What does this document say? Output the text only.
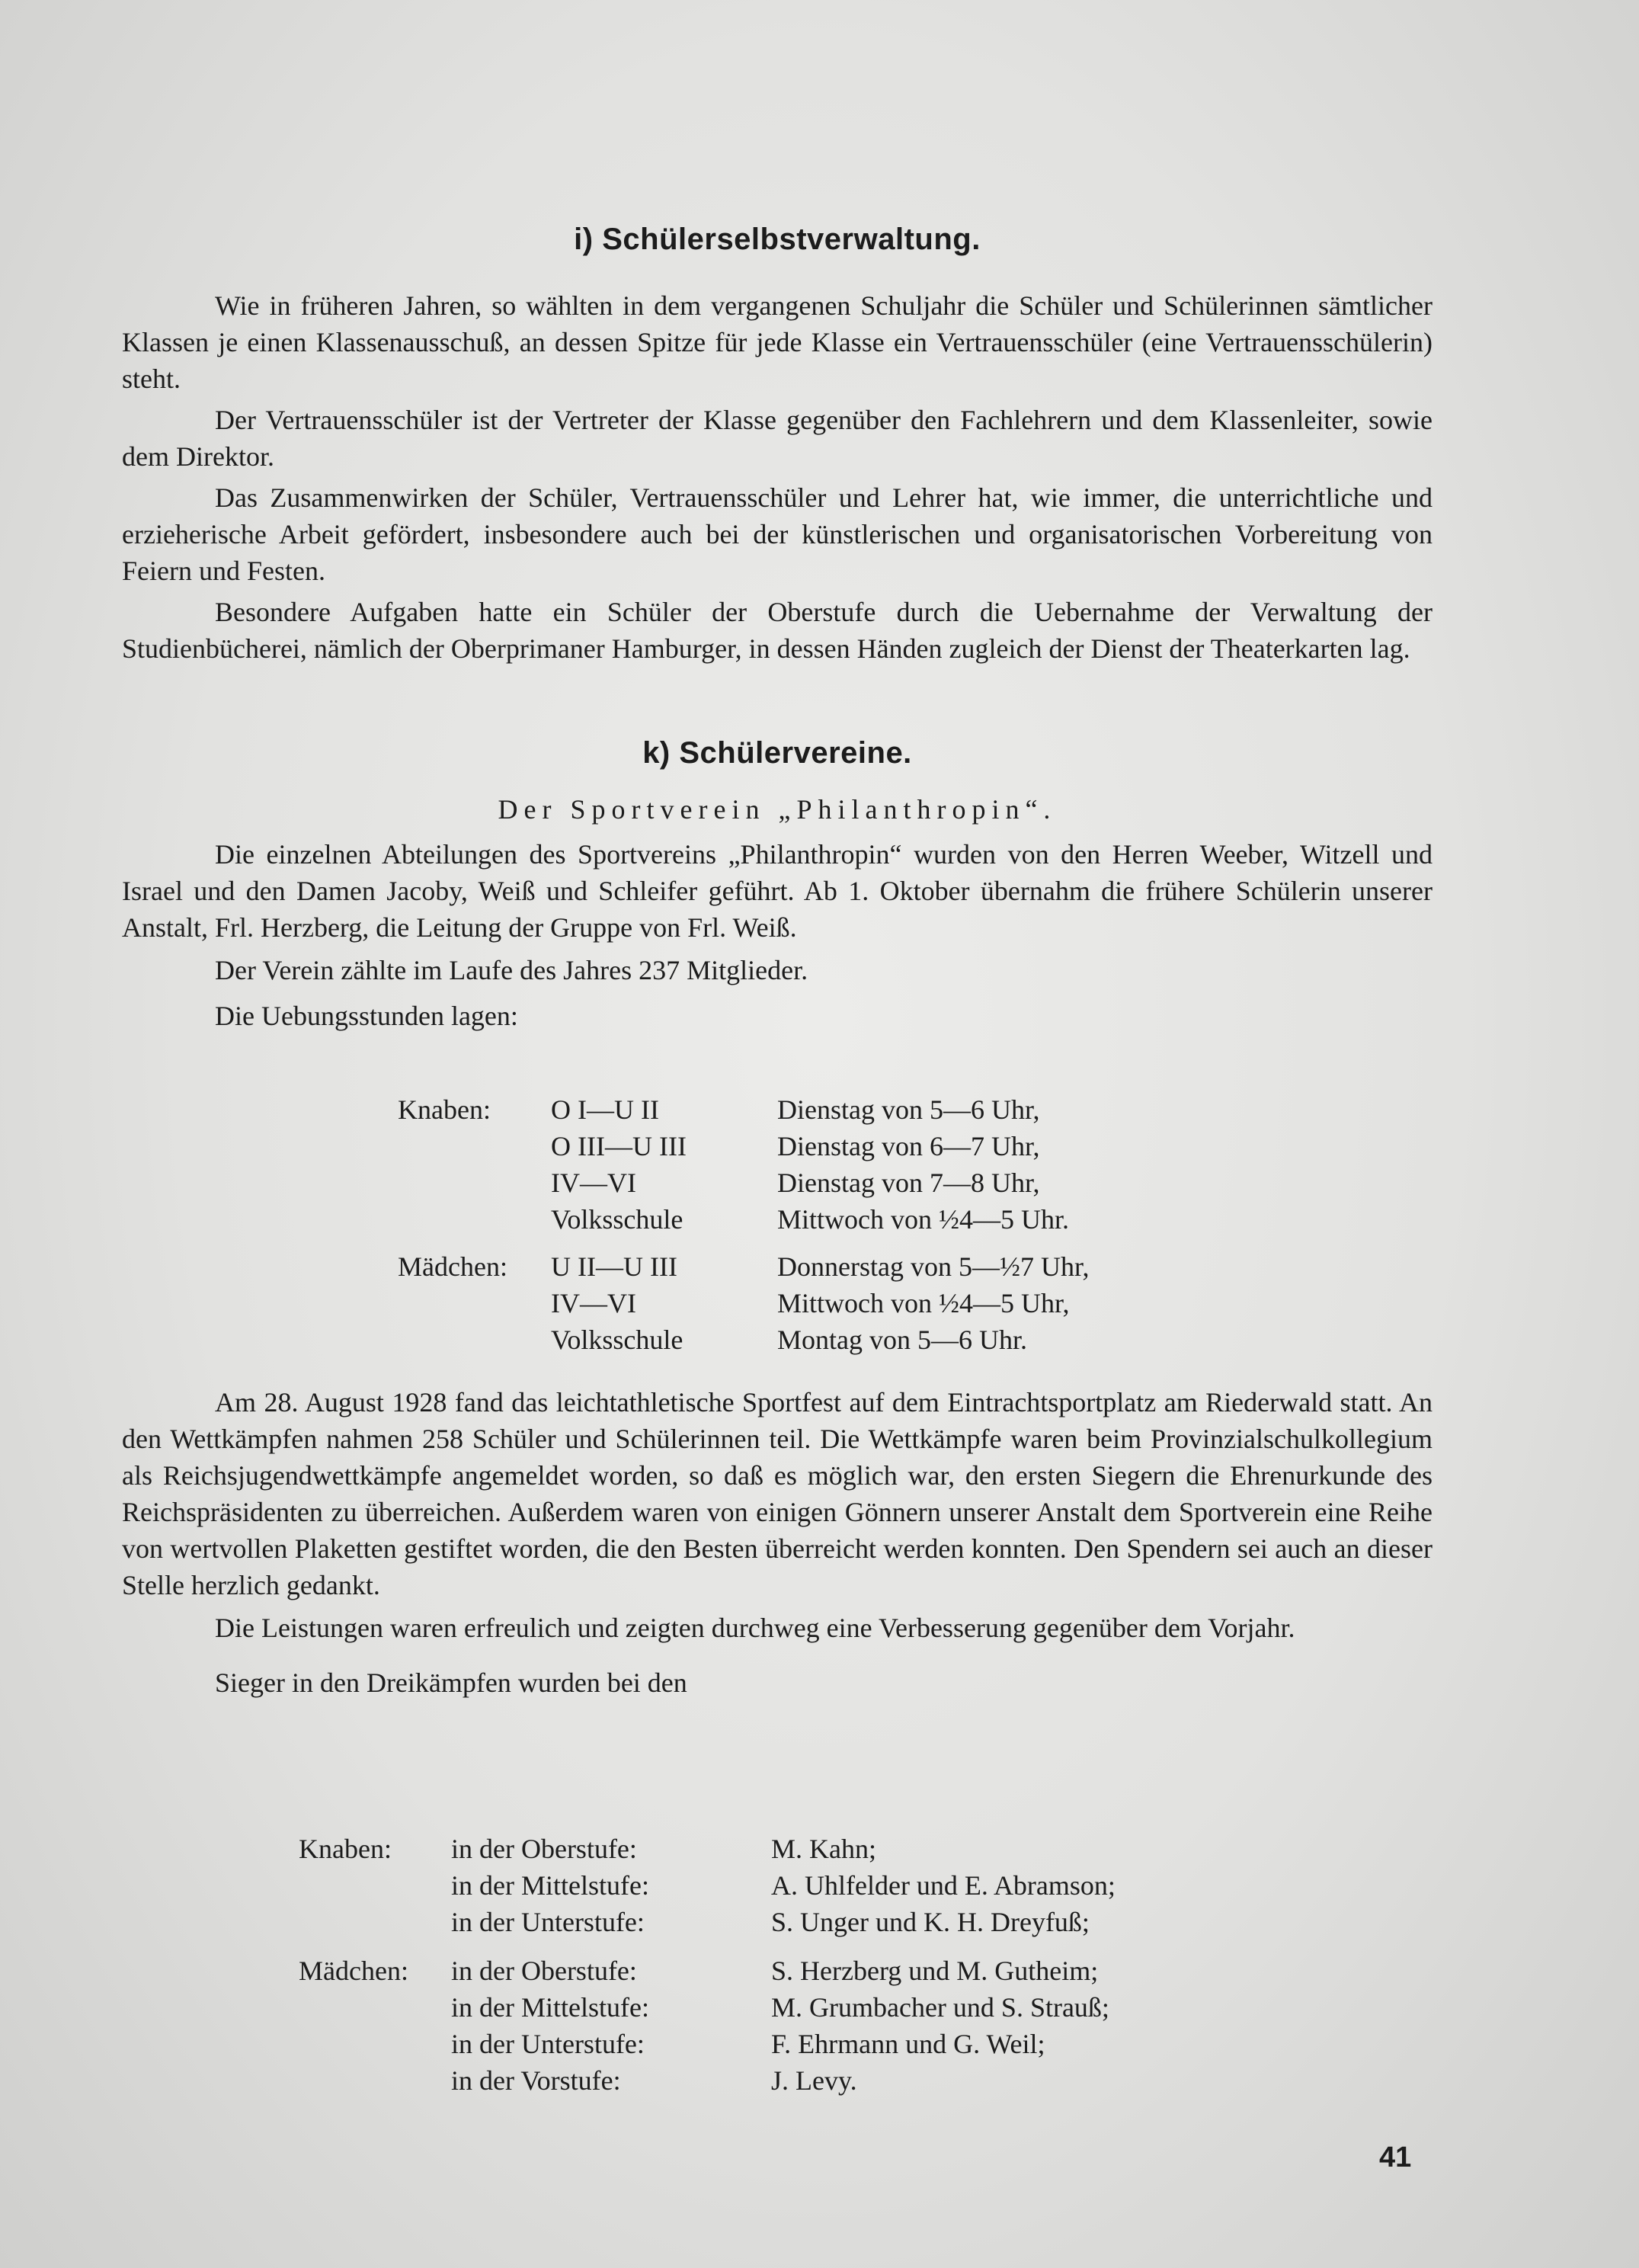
i) Schülerselbstverwaltung.

Wie in früheren Jahren, so wählten in dem vergangenen Schuljahr die Schüler und Schülerinnen sämtlicher Klassen je einen Klassenausschuß, an dessen Spitze für jede Klasse ein Vertrauensschüler (eine Vertrauensschülerin) steht.

Der Vertrauensschüler ist der Vertreter der Klasse gegenüber den Fachlehrern und dem Klassenleiter, sowie dem Direktor.

Das Zusammenwirken der Schüler, Vertrauensschüler und Lehrer hat, wie immer, die unterrichtliche und erzieherische Arbeit gefördert, insbesondere auch bei der künstlerischen und organisatorischen Vorbereitung von Feiern und Festen.

Besondere Aufgaben hatte ein Schüler der Oberstufe durch die Uebernahme der Verwaltung der Studienbücherei, nämlich der Oberprimaner Hamburger, in dessen Händen zugleich der Dienst der Theaterkarten lag.

k) Schülervereine.
Der Sportverein „Philanthropin“.

Die einzelnen Abteilungen des Sportvereins „Philanthropin“ wurden von den Herren Weeber, Witzell und Israel und den Damen Jacoby, Weiß und Schleifer geführt. Ab 1. Oktober übernahm die frühere Schülerin unserer Anstalt, Frl. Herzberg, die Leitung der Gruppe von Frl. Weiß.

Der Verein zählte im Laufe des Jahres 237 Mitglieder.

Die Uebungsstunden lagen:

Knaben: O I—U II	Dienstag von 5—6 Uhr,
O III—U III	Dienstag von 6—7 Uhr,
IV—VI	Dienstag von 7—8 Uhr,
Volksschule	Mittwoch von ½4—5 Uhr.
Mädchen: U II—U III	Donnerstag von 5—½7 Uhr,
IV—VI	Mittwoch von ½4—5 Uhr,
Volksschule	Montag von 5—6 Uhr.

Am 28. August 1928 fand das leichtathletische Sportfest auf dem Eintrachtsportplatz am Riederwald statt. An den Wettkämpfen nahmen 258 Schüler und Schülerinnen teil. Die Wettkämpfe waren beim Provinzialschulkollegium als Reichsjugendwettkämpfe angemeldet worden, so daß es möglich war, den ersten Siegern die Ehrenurkunde des Reichspräsidenten zu überreichen. Außerdem waren von einigen Gönnern unserer Anstalt dem Sportverein eine Reihe von wertvollen Plaketten gestiftet worden, die den Besten überreicht werden konnten. Den Spendern sei auch an dieser Stelle herzlich gedankt.

Die Leistungen waren erfreulich und zeigten durchweg eine Verbesserung gegenüber dem Vorjahr.

Sieger in den Dreikämpfen wurden bei den

Knaben: in der Oberstufe:	M. Kahn;
in der Mittelstufe:	A. Uhlfelder und E. Abramson;
in der Unterstufe:	S. Unger und K. H. Dreyfuß;
Mädchen: in der Oberstufe:	S. Herzberg und M. Gutheim;
in der Mittelstufe:	M. Grumbacher und S. Strauß;
in der Unterstufe:	F. Ehrmann und G. Weil;
in der Vorstufe:	J. Levy.
41
